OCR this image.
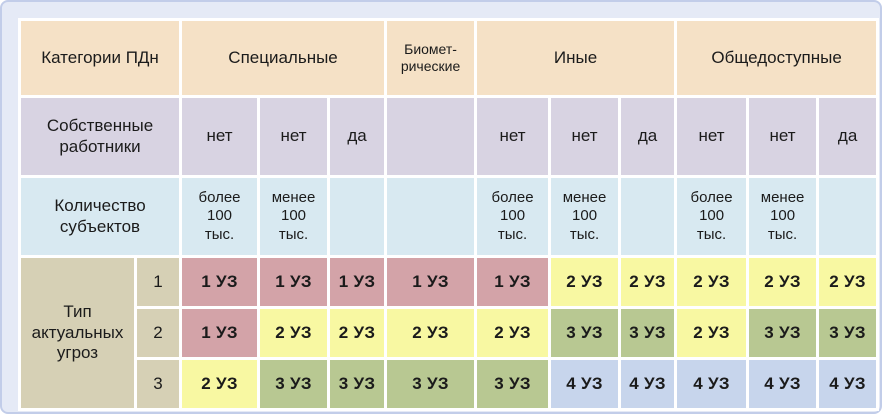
Категории ПДн		Специальные			Биомет-рические	Иные			Общедоступные		
Собственные работники		нет	нет	да		нет	нет	да	нет	нет	да
Количество субъектов		более 100 тыс.	менее 100 тыс.			более 100 тыс.	менее 100 тыс.		более 100 тыс.	менее 100 тыс.	
Тип актуальных угроз	1	1 УЗ	1 УЗ	1 УЗ	1 УЗ	1 УЗ	2 УЗ	2 УЗ	2 УЗ	2 УЗ	2 УЗ
	2	1 УЗ	2 УЗ	2 УЗ	2 УЗ	2 УЗ	3 УЗ	3 УЗ	2 УЗ	3 УЗ	3 УЗ
	3	2 УЗ	3 УЗ	3 УЗ	3 УЗ	3 УЗ	4 УЗ	4 УЗ	4 УЗ	4 УЗ	4 УЗ
